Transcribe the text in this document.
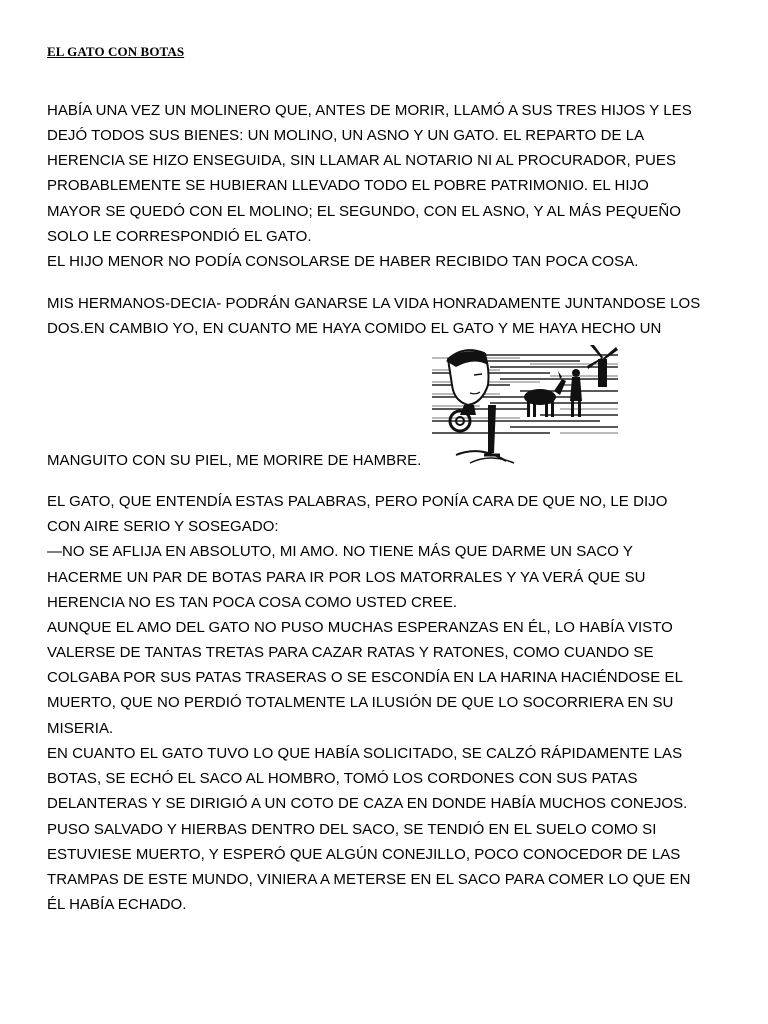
EL GATO CON BOTAS
HABÍA UNA VEZ UN MOLINERO QUE, ANTES DE MORIR, LLAMÓ A SUS TRES HIJOS Y LES
DEJÓ TODOS SUS BIENES: UN MOLINO, UN ASNO Y UN GATO. EL REPARTO DE LA
HERENCIA SE HIZO ENSEGUIDA, SIN LLAMAR AL NOTARIO NI AL PROCURADOR, PUES
PROBABLEMENTE SE HUBIERAN LLEVADO TODO EL POBRE PATRIMONIO. EL HIJO
MAYOR SE QUEDÓ CON EL MOLINO; EL SEGUNDO, CON EL ASNO, Y AL MÁS PEQUEÑO
SOLO LE CORRESPONDIÓ EL GATO.
EL HIJO MENOR NO PODÍA CONSOLARSE DE HABER RECIBIDO TAN POCA COSA.
MIS HERMANOS-DECIA- PODRÁN GANARSE LA VIDA HONRADAMENTE JUNTANDOSE LOS
DOS.EN CAMBIO YO, EN CUANTO ME HAYA COMIDO EL GATO Y ME HAYA HECHO UN
MANGUITO CON SU PIEL, ME MORIRE DE HAMBRE.
EL GATO, QUE ENTENDÍA ESTAS PALABRAS, PERO PONÍA CARA DE QUE NO, LE DIJO
CON AIRE SERIO Y SOSEGADO:
—NO SE AFLIJA EN ABSOLUTO, MI AMO. NO TIENE MÁS QUE DARME UN SACO Y
HACERME UN PAR DE BOTAS PARA IR POR LOS MATORRALES Y YA VERÁ QUE SU
HERENCIA NO ES TAN POCA COSA COMO USTED CREE.
AUNQUE EL AMO DEL GATO NO PUSO MUCHAS ESPERANZAS EN ÉL, LO HABÍA VISTO
VALERSE DE TANTAS TRETAS PARA CAZAR RATAS Y RATONES, COMO CUANDO SE
COLGABA POR SUS PATAS TRASERAS O SE ESCONDÍA EN LA HARINA HACIÉNDOSE EL
MUERTO, QUE NO PERDIÓ TOTALMENTE LA ILUSIÓN DE QUE LO SOCORRIERA EN SU
MISERIA.
EN CUANTO EL GATO TUVO LO QUE HABÍA SOLICITADO, SE CALZÓ RÁPIDAMENTE LAS
BOTAS, SE ECHÓ EL SACO AL HOMBRO, TOMÓ LOS CORDONES CON SUS PATAS
DELANTERAS Y SE DIRIGIÓ A UN COTO DE CAZA EN DONDE HABÍA MUCHOS CONEJOS.
PUSO SALVADO Y HIERBAS DENTRO DEL SACO, SE TENDIÓ EN EL SUELO COMO SI
ESTUVIESE MUERTO, Y ESPERÓ QUE ALGÚN CONEJILLO, POCO CONOCEDOR DE LAS
TRAMPAS DE ESTE MUNDO, VINIERA A METERSE EN EL SACO PARA COMER LO QUE EN
ÉL HABÍA ECHADO.
